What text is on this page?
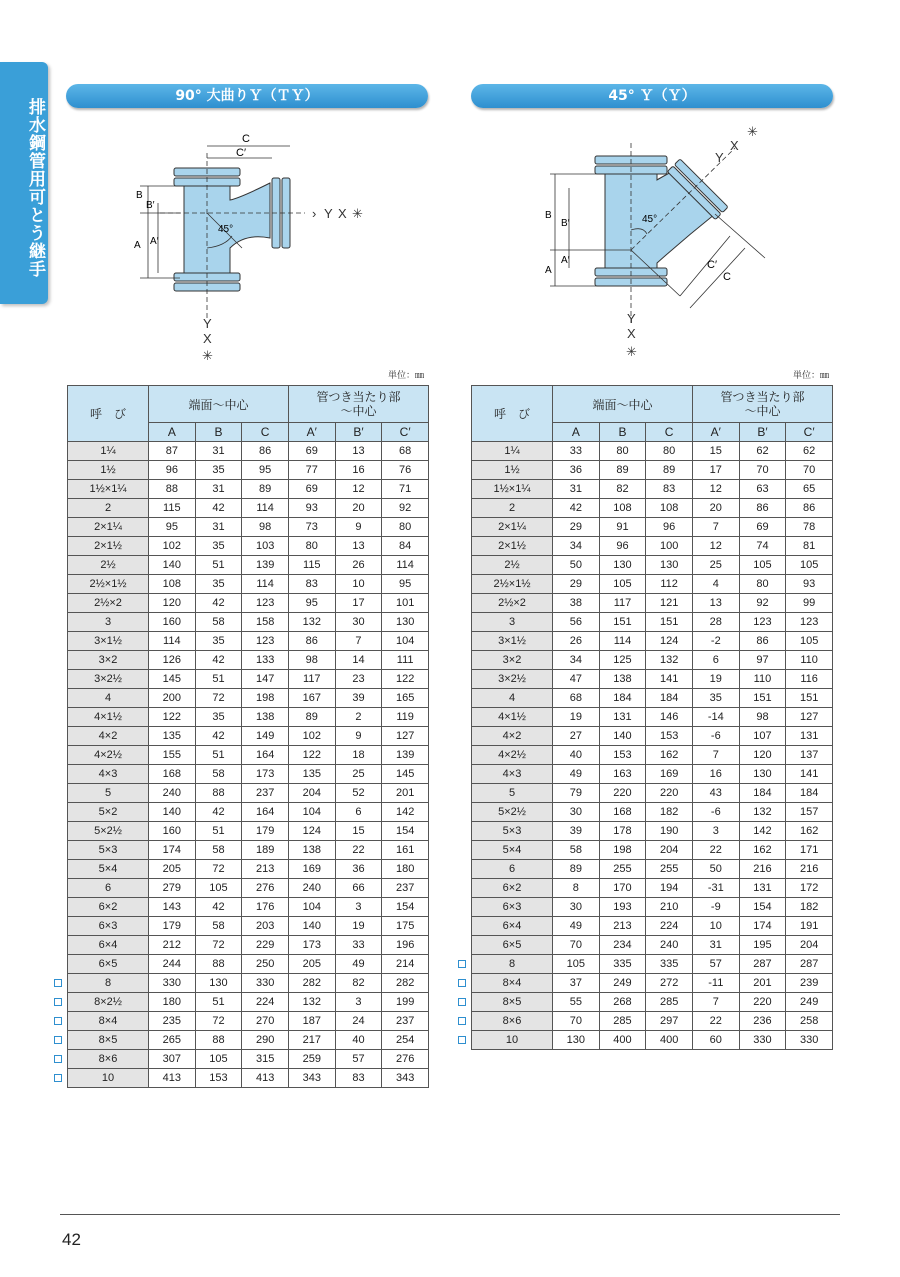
排水鋼管用可とう継手
90° 大曲りＹ（ＴＹ）
C
C′
B
B′
A A′
45°
› Y X ✳
Y
X
✳
単位：㎜
呼　び	端面～中心			管つき当たり部
～中心		
	A	B	C	A′	B′	C′
1¼	87	31	86	69	13	68
1½	96	35	95	77	16	76
1½×1¼	88	31	89	69	12	71
2	115	42	114	93	20	92
2×1¼	95	31	98	73	9	80
2×1½	102	35	103	80	13	84
2½	140	51	139	115	26	114
2½×1½	108	35	114	83	10	95
2½×2	120	42	123	95	17	101
3	160	58	158	132	30	130
3×1½	114	35	123	86	7	104
3×2	126	42	133	98	14	111
3×2½	145	51	147	117	23	122
4	200	72	198	167	39	165
4×1½	122	35	138	89	2	119
4×2	135	42	149	102	9	127
4×2½	155	51	164	122	18	139
4×3	168	58	173	135	25	145
5	240	88	237	204	52	201
5×2	140	42	164	104	6	142
5×2½	160	51	179	124	15	154
5×3	174	58	189	138	22	161
5×4	205	72	213	169	36	180
6	279	105	276	240	66	237
6×2	143	42	176	104	3	154
6×3	179	58	203	140	19	175
6×4	212	72	229	173	33	196
6×5	244	88	250	205	49	214
8	330	130	330	282	82	282
8×2½	180	51	224	132	3	199
8×4	235	72	270	187	24	237
8×5	265	88	290	217	40	254
8×6	307	105	315	259	57	276
10	413	153	413	343	83	343
45° Ｙ（Ｙ）
B
B′
A
A′
45°
C′
C
Y
X
✳
Y
X
✳
単位：㎜
呼　び	端面～中心			管つき当たり部
～中心		
	A	B	C	A′	B′	C′
1¼	33	80	80	15	62	62
1½	36	89	89	17	70	70
1½×1¼	31	82	83	12	63	65
2	42	108	108	20	86	86
2×1¼	29	91	96	7	69	78
2×1½	34	96	100	12	74	81
2½	50	130	130	25	105	105
2½×1½	29	105	112	4	80	93
2½×2	38	117	121	13	92	99
3	56	151	151	28	123	123
3×1½	26	114	124	-2	86	105
3×2	34	125	132	6	97	110
3×2½	47	138	141	19	110	116
4	68	184	184	35	151	151
4×1½	19	131	146	-14	98	127
4×2	27	140	153	-6	107	131
4×2½	40	153	162	7	120	137
4×3	49	163	169	16	130	141
5	79	220	220	43	184	184
5×2½	30	168	182	-6	132	157
5×3	39	178	190	3	142	162
5×4	58	198	204	22	162	171
6	89	255	255	50	216	216
6×2	8	170	194	-31	131	172
6×3	30	193	210	-9	154	182
6×4	49	213	224	10	174	191
6×5	70	234	240	31	195	204
8	105	335	335	57	287	287
8×4	37	249	272	-11	201	239
8×5	55	268	285	7	220	249
8×6	70	285	297	22	236	258
10	130	400	400	60	330	330
42
